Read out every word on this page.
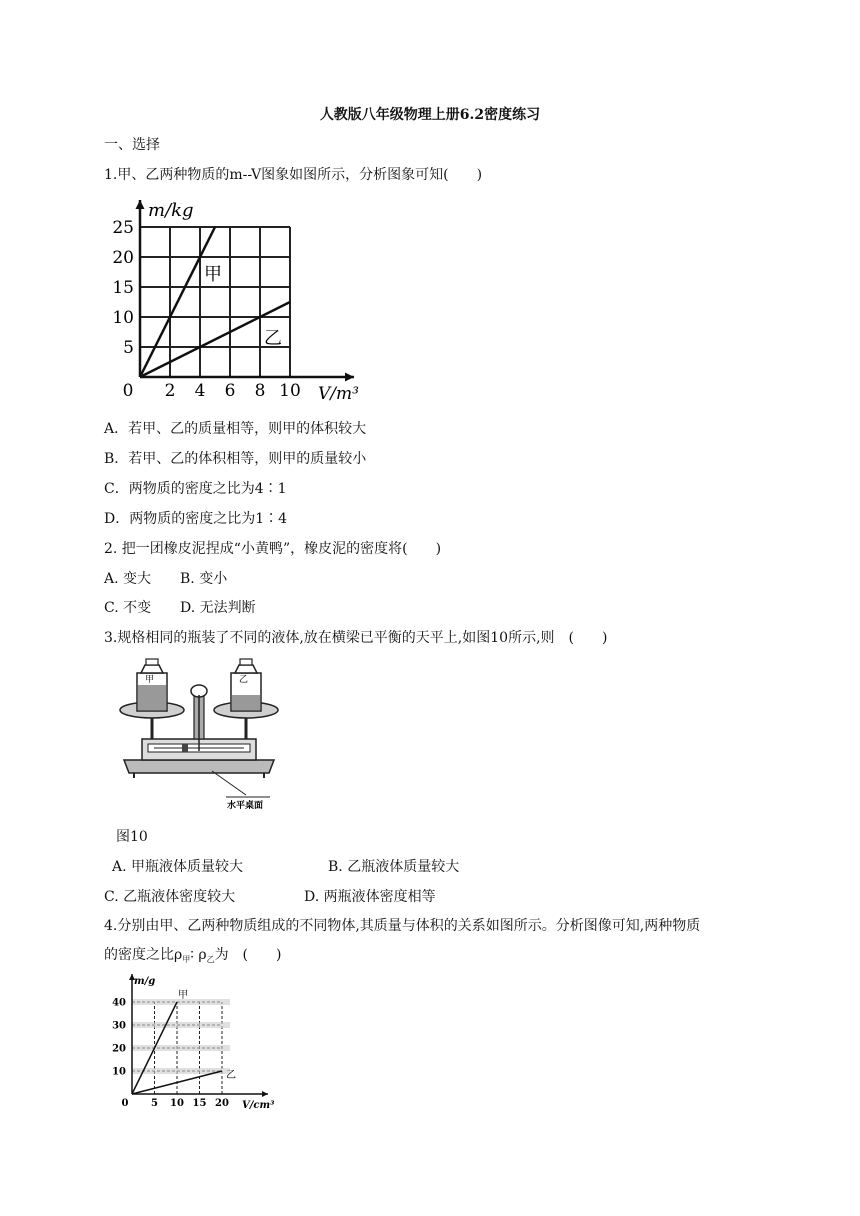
人教版八年级物理上册6.2密度练习
一、选择
1.甲、乙两种物质的m--V图象如图所示，分析图象可知(　　)
0 2 4 6 8 10
5
10
15
20
25
m/kg
V/m³
甲
乙
A．若甲、乙的质量相等，则甲的体积较大
B．若甲、乙的体积相等，则甲的质量较小
C．两物质的密度之比为4∶1
D．两物质的密度之比为1∶4
2. 把一团橡皮泥捏成“小黄鸭”，橡皮泥的密度将(　　)
A. 变大 B. 变小
C. 不变 D. 无法判断
3.规格相同的瓶装了不同的液体,放在横梁已平衡的天平上,如图10所示,则　(　　)
甲	乙
水平桌面
图10
A. 甲瓶液体质量较大	B. 乙瓶液体质量较大
C. 乙瓶液体密度较大	D. 两瓶液体密度相等
4.分别由甲、乙两种物质组成的不同物体,其质量与体积的关系如图所示。分析图像可知,两种物质
的密度之比$\rho_甲∶$ $\rho_乙$为　(　　)
0 5 10 15 20
10
20
30
40
m/g
V/cm³
甲
乙
